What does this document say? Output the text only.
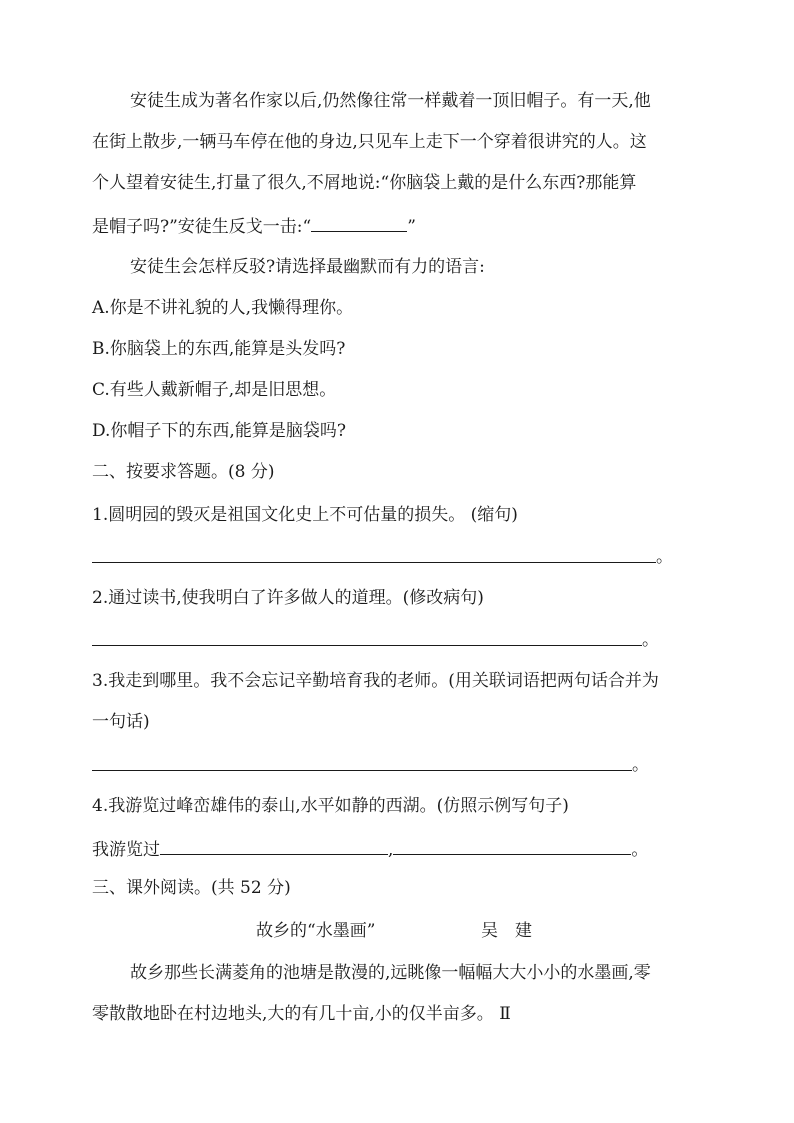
安徒生成为著名作家以后,仍然像往常一样戴着一顶旧帽子。有一天,他
在街上散步,一辆马车停在他的身边,只见车上走下一个穿着很讲究的人。这
个人望着安徒生,打量了很久,不屑地说:“你脑袋上戴的是什么东西?那能算
是帽子吗?”安徒生反戈一击:“	”
安徒生会怎样反驳?请选择最幽默而有力的语言:
A.你是不讲礼貌的人,我懒得理你。
B.你脑袋上的东西,能算是头发吗?
C.有些人戴新帽子,却是旧思想。
D.你帽子下的东西,能算是脑袋吗?
二、按要求答题。(8 分)
1.圆明园的毁灭是祖国文化史上不可估量的损失。 (缩句)
。
2.通过读书,使我明白了许多做人的道理。(修改病句)
。
3.我走到哪里。我不会忘记辛勤培育我的老师。(用关联词语把两句话合并为
一句话)
。
4.我游览过峰峦雄伟的泰山,水平如静的西湖。(仿照示例写句子)
我游览过	,	。
三、课外阅读。(共 52 分)
故乡的“水墨画”	吴　建
故乡那些长满菱角的池塘是散漫的,远眺像一幅幅大大小小的水墨画,零
零散散地卧在村边地头,大的有几十亩,小的仅半亩多。 Ⅱ
